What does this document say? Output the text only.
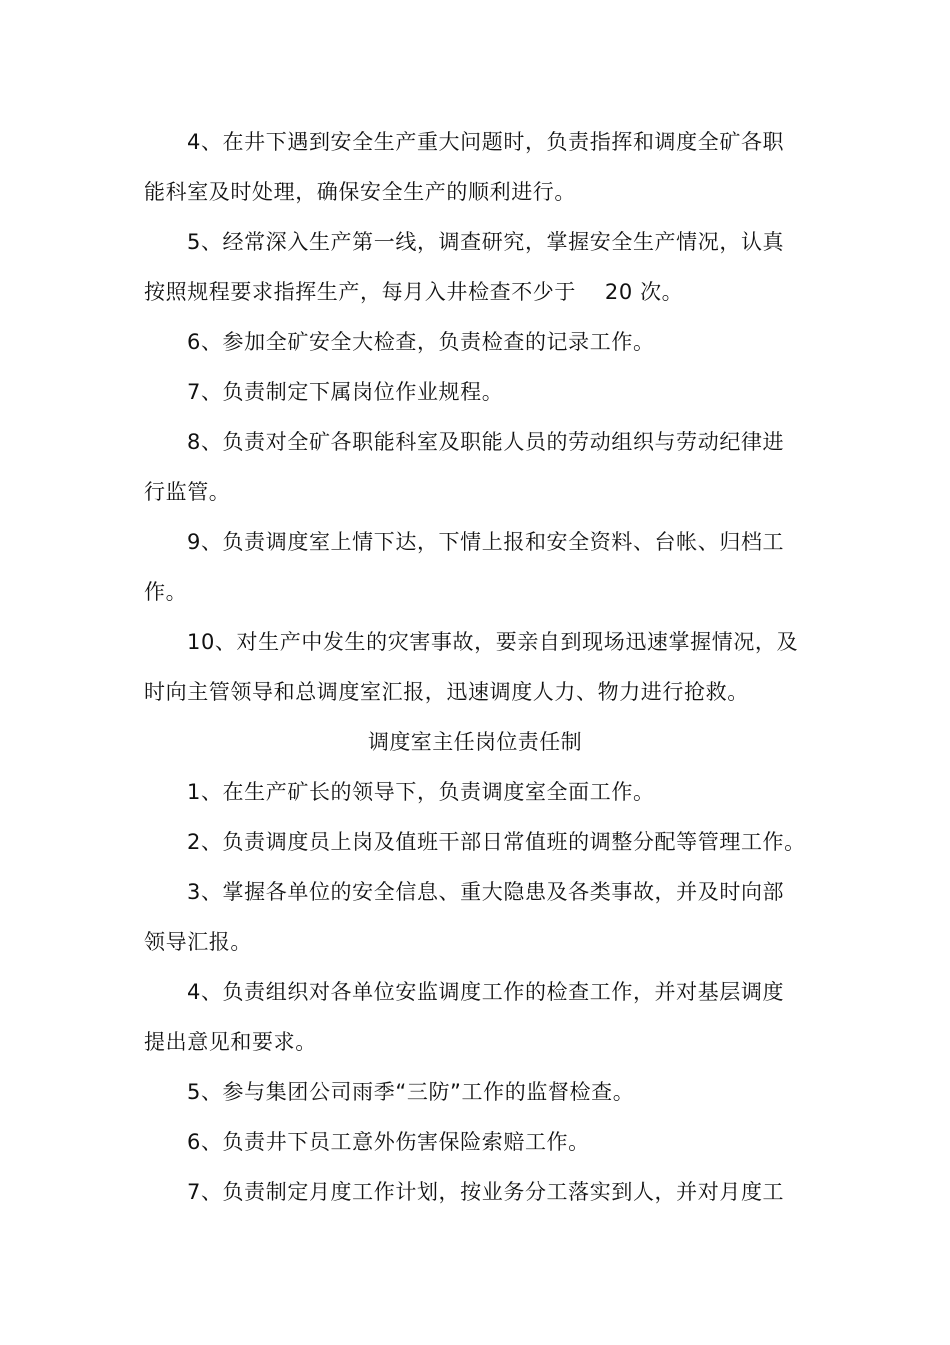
4、在井下遇到安全生产重大问题时，负责指挥和调度全矿各职
能科室及时处理，确保安全生产的顺利进行。
5、经常深入生产第一线，调查研究，掌握安全生产情况，认真
按照规程要求指挥生产，每月入井检查不少于　 20 次。
6、参加全矿安全大检查，负责检查的记录工作。
7、负责制定下属岗位作业规程。
8、负责对全矿各职能科室及职能人员的劳动组织与劳动纪律进
行监管。
9、负责调度室上情下达，下情上报和安全资料、台帐、归档工
作。
10、对生产中发生的灾害事故，要亲自到现场迅速掌握情况，及
时向主管领导和总调度室汇报，迅速调度人力、物力进行抢救。
调度室主任岗位责任制
1、在生产矿长的领导下，负责调度室全面工作。
2、负责调度员上岗及值班干部日常值班的调整分配等管理工作。
3、掌握各单位的安全信息、重大隐患及各类事故，并及时向部
领导汇报。
4、负责组织对各单位安监调度工作的检查工作，并对基层调度
提出意见和要求。
5、参与集团公司雨季“三防”工作的监督检查。
6、负责井下员工意外伤害保险索赔工作。
7、负责制定月度工作计划，按业务分工落实到人，并对月度工
